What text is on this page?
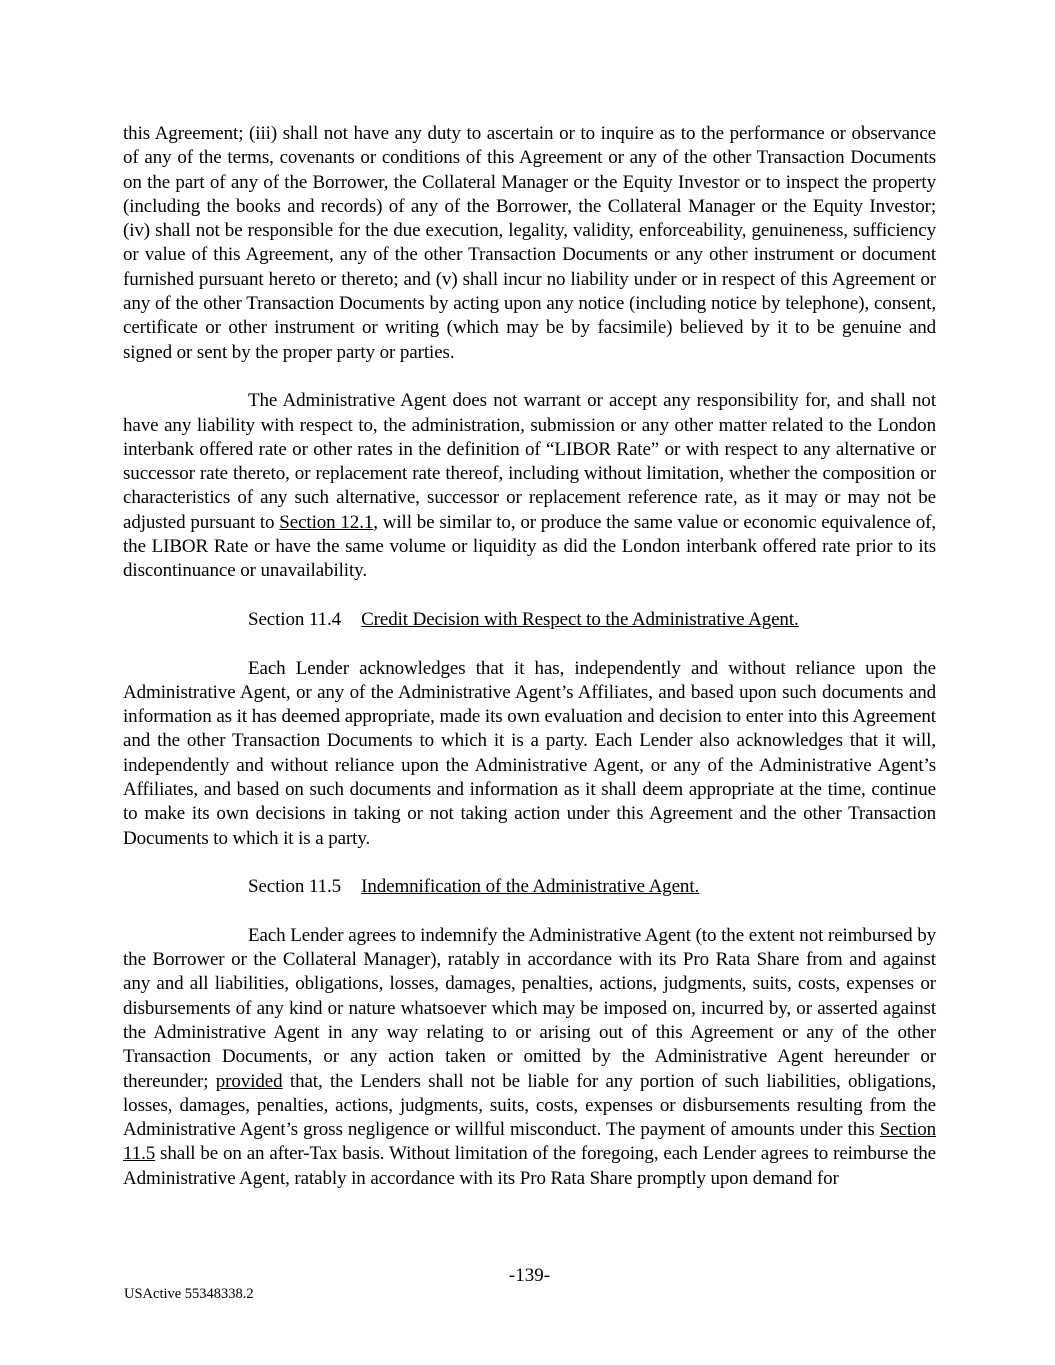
this Agreement; (iii) shall not have any duty to ascertain or to inquire as to the performance or observance of any of the terms, covenants or conditions of this Agreement or any of the other Transaction Documents on the part of any of the Borrower, the Collateral Manager or the Equity Investor or to inspect the property (including the books and records) of any of the Borrower, the Collateral Manager or the Equity Investor; (iv) shall not be responsible for the due execution, legality, validity, enforceability, genuineness, sufficiency or value of this Agreement, any of the other Transaction Documents or any other instrument or document furnished pursuant hereto or thereto; and (v) shall incur no liability under or in respect of this Agreement or any of the other Transaction Documents by acting upon any notice (including notice by telephone), consent, certificate or other instrument or writing (which may be by facsimile) believed by it to be genuine and signed or sent by the proper party or parties.

The Administrative Agent does not warrant or accept any responsibility for, and shall not have any liability with respect to, the administration, submission or any other matter related to the London interbank offered rate or other rates in the definition of “LIBOR Rate” or with respect to any alternative or successor rate thereto, or replacement rate thereof, including without limitation, whether the composition or characteristics of any such alternative, successor or replacement reference rate, as it may or may not be adjusted pursuant to Section 12.1, will be similar to, or produce the same value or economic equivalence of, the LIBOR Rate or have the same volume or liquidity as did the London interbank offered rate prior to its discontinuance or unavailability.

Section 11.4 Credit Decision with Respect to the Administrative Agent.

Each Lender acknowledges that it has, independently and without reliance upon the Administrative Agent, or any of the Administrative Agent’s Affiliates, and based upon such documents and information as it has deemed appropriate, made its own evaluation and decision to enter into this Agreement and the other Transaction Documents to which it is a party. Each Lender also acknowledges that it will, independently and without reliance upon the Administrative Agent, or any of the Administrative Agent’s Affiliates, and based on such documents and information as it shall deem appropriate at the time, continue to make its own decisions in taking or not taking action under this Agreement and the other Transaction Documents to which it is a party.

Section 11.5 Indemnification of the Administrative Agent.

Each Lender agrees to indemnify the Administrative Agent (to the extent not reimbursed by the Borrower or the Collateral Manager), ratably in accordance with its Pro Rata Share from and against any and all liabilities, obligations, losses, damages, penalties, actions, judgments, suits, costs, expenses or disbursements of any kind or nature whatsoever which may be imposed on, incurred by, or asserted against the Administrative Agent in any way relating to or arising out of this Agreement or any of the other Transaction Documents, or any action taken or omitted by the Administrative Agent hereunder or thereunder; provided that, the Lenders shall not be liable for any portion of such liabilities, obligations, losses, damages, penalties, actions, judgments, suits, costs, expenses or disbursements resulting from the Administrative Agent’s gross negligence or willful misconduct. The payment of amounts under this Section 11.5 shall be on an after-Tax basis. Without limitation of the foregoing, each Lender agrees to reimburse the Administrative Agent, ratably in accordance with its Pro Rata Share promptly upon demand for

-139-
USActive 55348338.2
